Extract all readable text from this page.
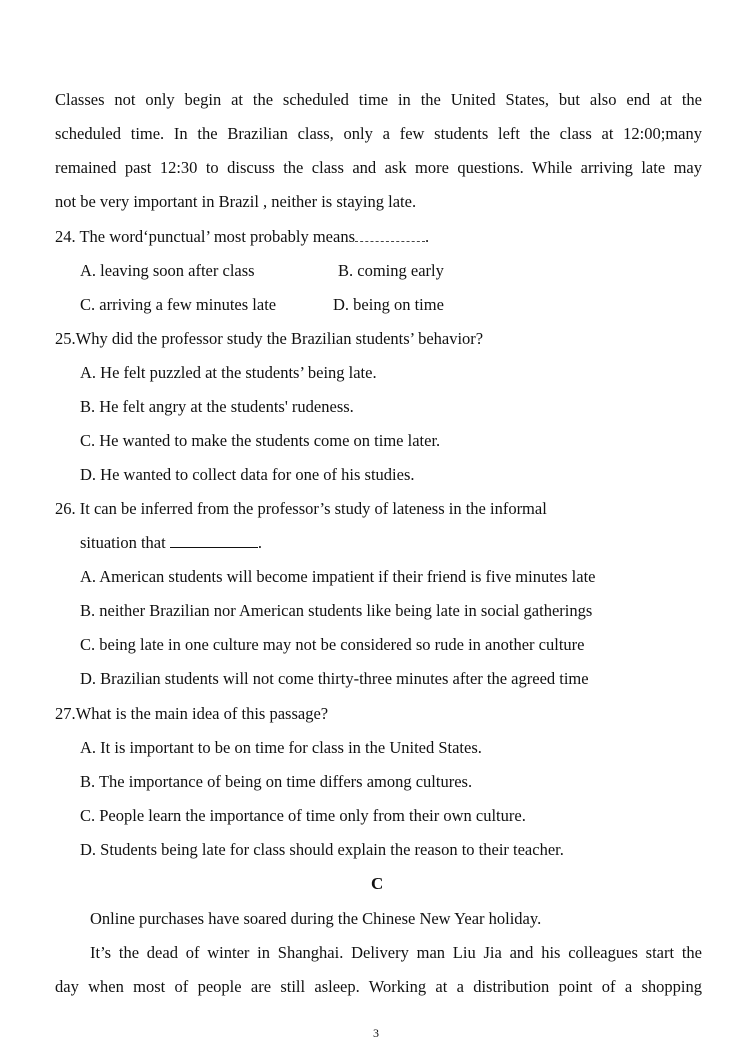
Classes not only begin at the scheduled time in the United States, but also end at the
scheduled time. In the Brazilian class, only a few students left the class at 12:00;many
remained past 12:30 to discuss the class and ask more questions. While arriving late may
not be very important in Brazil , neither is staying late.
24. The word‘punctual’ most probably means	.
A. leaving soon after class	B. coming early
C. arriving a few minutes late	D. being on time
25.Why did the professor study the Brazilian students’ behavior?
A. He felt puzzled at the students’ being late.
B. He felt angry at the students' rudeness.
C. He wanted to make the students come on time later.
D. He wanted to collect data for one of his studies.
26. It can be inferred from the professor’s study of lateness in the informal
situation that	.
A. American students will become impatient if their friend is five minutes late
B. neither Brazilian nor American students like being late in social gatherings
C. being late in one culture may not be considered so rude in another culture
D. Brazilian students will not come thirty-three minutes after the agreed time
27.What is the main idea of this passage?
A. It is important to be on time for class in the United States.
B. The importance of being on time differs among cultures.
C. People learn the importance of time only from their own culture.
D. Students being late for class should explain the reason to their teacher.
C
Online purchases have soared during the Chinese New Year holiday.
It’s the dead of winter in Shanghai. Delivery man Liu Jia and his colleagues start the
day when most of people are still asleep. Working at a distribution point of a shopping
3
